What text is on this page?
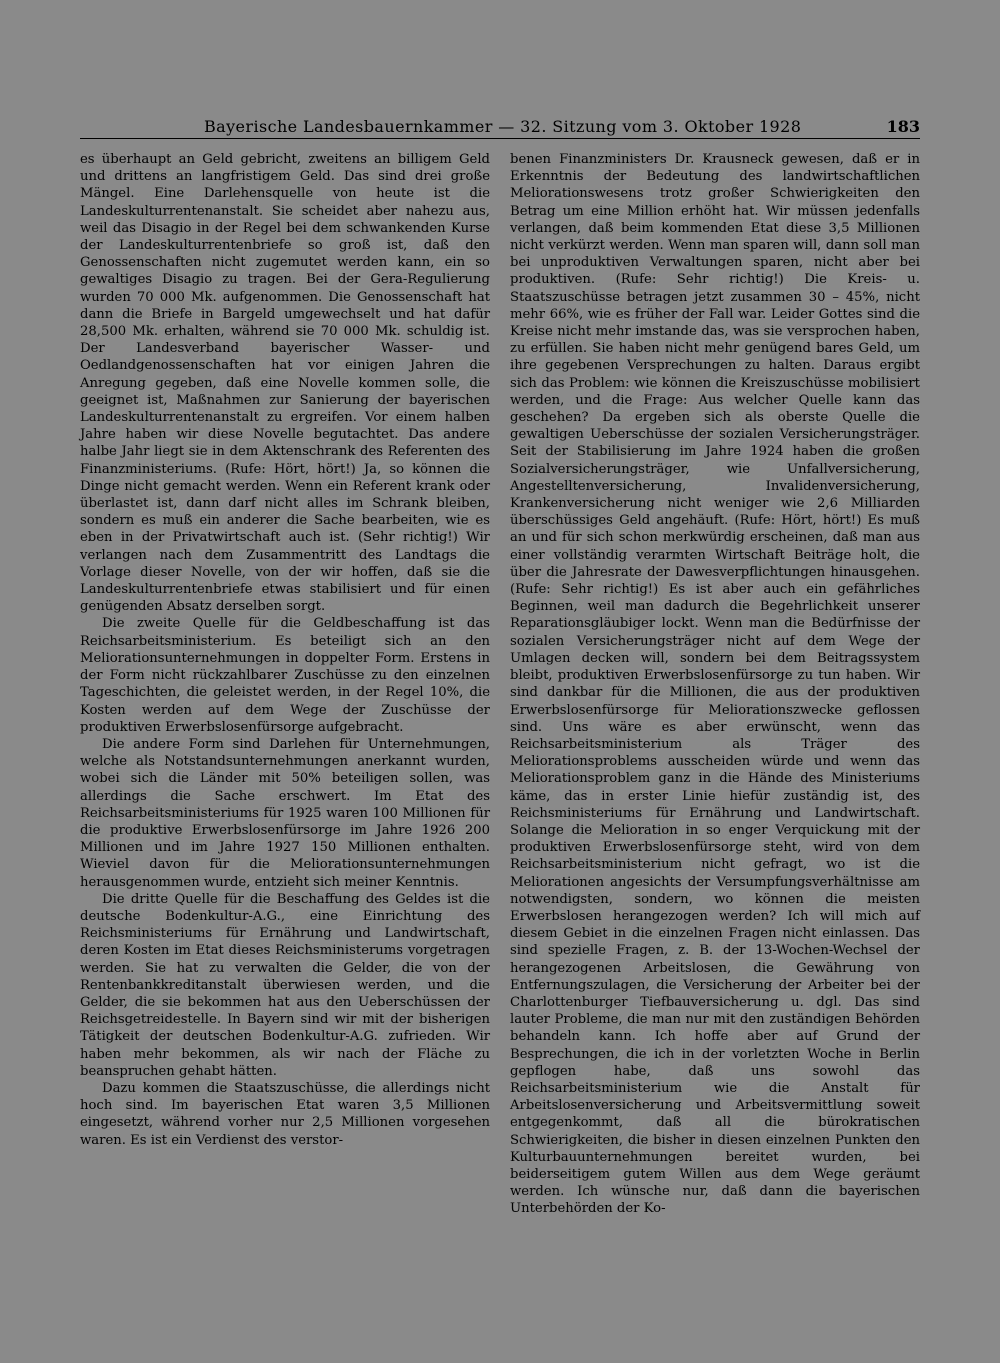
Bayerische Landesbauernkammer — 32. Sitzung vom 3. Oktober 1928	183

es überhaupt an Geld gebricht, zweitens an billigem Geld und drittens an langfristigem Geld. Das sind drei große Mängel. Eine Darlehensquelle von heute ist die Landeskulturrentenanstalt. Sie scheidet aber nahezu aus, weil das Disagio in der Regel bei dem schwankenden Kurse der Landeskulturrentenbriefe so groß ist, daß den Genossenschaften nicht zugemutet werden kann, ein so gewaltiges Disagio zu tragen. Bei der Gera-Regulierung wurden 70 000 Mk. aufgenommen. Die Genossenschaft hat dann die Briefe in Bargeld umgewechselt und hat dafür 28,500 Mk. erhalten, während sie 70 000 Mk. schuldig ist. Der Landesverband bayerischer Wasser- und Oedlandgenossenschaften hat vor einigen Jahren die Anregung gegeben, daß eine Novelle kommen solle, die geeignet ist, Maßnahmen zur Sanierung der bayerischen Landeskulturrentenanstalt zu ergreifen. Vor einem halben Jahre haben wir diese Novelle begutachtet. Das andere halbe Jahr liegt sie in dem Aktenschrank des Referenten des Finanzministeriums. (Rufe: Hört, hört!) Ja, so können die Dinge nicht gemacht werden. Wenn ein Referent krank oder überlastet ist, dann darf nicht alles im Schrank bleiben, sondern es muß ein anderer die Sache bearbeiten, wie es eben in der Privatwirtschaft auch ist. (Sehr richtig!) Wir verlangen nach dem Zusammentritt des Landtags die Vorlage dieser Novelle, von der wir hoffen, daß sie die Landeskulturrentenbriefe etwas stabilisiert und für einen genügenden Absatz derselben sorgt.

Die zweite Quelle für die Geldbeschaffung ist das Reichsarbeitsministerium. Es beteiligt sich an den Meliorationsunternehmungen in doppelter Form. Erstens in der Form nicht rückzahlbarer Zuschüsse zu den einzelnen Tageschichten, die geleistet werden, in der Regel 10%, die Kosten werden auf dem Wege der Zuschüsse der produktiven Erwerbslosenfürsorge aufgebracht.

Die andere Form sind Darlehen für Unternehmungen, welche als Notstandsunternehmungen anerkannt wurden, wobei sich die Länder mit 50% beteiligen sollen, was allerdings die Sache erschwert. Im Etat des Reichsarbeitsministeriums für 1925 waren 100 Millionen für die produktive Erwerbslosenfürsorge im Jahre 1926 200 Millionen und im Jahre 1927 150 Millionen enthalten. Wieviel davon für die Meliorationsunternehmungen herausgenommen wurde, entzieht sich meiner Kenntnis.

Die dritte Quelle für die Beschaffung des Geldes ist die deutsche Bodenkultur-A.G., eine Einrichtung des Reichsministeriums für Ernährung und Landwirtschaft, deren Kosten im Etat dieses Reichsministerums vorgetragen werden. Sie hat zu verwalten die Gelder, die von der Rentenbankkreditanstalt überwiesen werden, und die Gelder, die sie bekommen hat aus den Ueberschüssen der Reichsgetreidestelle. In Bayern sind wir mit der bisherigen Tätigkeit der deutschen Bodenkultur-A.G. zufrieden. Wir haben mehr bekommen, als wir nach der Fläche zu beanspruchen gehabt hätten.

Dazu kommen die Staatszuschüsse, die allerdings nicht hoch sind. Im bayerischen Etat waren 3,5 Millionen eingesetzt, während vorher nur 2,5 Millionen vorgesehen waren. Es ist ein Verdienst des verstor-

benen Finanzministers Dr. Krausneck gewesen, daß er in Erkenntnis der Bedeutung des landwirtschaftlichen Meliorationswesens trotz großer Schwierigkeiten den Betrag um eine Million erhöht hat. Wir müssen jedenfalls verlangen, daß beim kommenden Etat diese 3,5 Millionen nicht verkürzt werden. Wenn man sparen will, dann soll man bei unproduktiven Verwaltungen sparen, nicht aber bei produktiven. (Rufe: Sehr richtig!) Die Kreis- u. Staatszuschüsse betragen jetzt zusammen 30 – 45%, nicht mehr 66%, wie es früher der Fall war. Leider Gottes sind die Kreise nicht mehr imstande das, was sie versprochen haben, zu erfüllen. Sie haben nicht mehr genügend bares Geld, um ihre gegebenen Versprechungen zu halten. Daraus ergibt sich das Problem: wie können die Kreiszuschüsse mobilisiert werden, und die Frage: Aus welcher Quelle kann das geschehen? Da ergeben sich als oberste Quelle die gewaltigen Ueberschüsse der sozialen Versicherungsträger. Seit der Stabilisierung im Jahre 1924 haben die großen Sozialversicherungsträger, wie Unfallversicherung, Angestelltenversicherung, Invalidenversicherung, Krankenversicherung nicht weniger wie 2,6 Milliarden überschüssiges Geld angehäuft. (Rufe: Hört, hört!) Es muß an und für sich schon merkwürdig erscheinen, daß man aus einer vollständig verarmten Wirtschaft Beiträge holt, die über die Jahresrate der Dawesverpflichtungen hinausgehen. (Rufe: Sehr richtig!) Es ist aber auch ein gefährliches Beginnen, weil man dadurch die Begehrlichkeit unserer Reparationsgläubiger lockt. Wenn man die Bedürfnisse der sozialen Versicherungsträger nicht auf dem Wege der Umlagen decken will, sondern bei dem Beitragssystem bleibt, produktiven Erwerbslosenfürsorge zu tun haben. Wir sind dankbar für die Millionen, die aus der produktiven Erwerbslosenfürsorge für Meliorationszwecke geflossen sind. Uns wäre es aber erwünscht, wenn das Reichsarbeitsministerium als Träger des Meliorationsproblems ausscheiden würde und wenn das Meliorationsproblem ganz in die Hände des Ministeriums käme, das in erster Linie hiefür zuständig ist, des Reichsministeriums für Ernährung und Landwirtschaft. Solange die Melioration in so enger Verquickung mit der produktiven Erwerbslosenfürsorge steht, wird von dem Reichsarbeitsministerium nicht gefragt, wo ist die Meliorationen angesichts der Versumpfungsverhältnisse am notwendigsten, sondern, wo können die meisten Erwerbslosen herangezogen werden? Ich will mich auf diesem Gebiet in die einzelnen Fragen nicht einlassen. Das sind spezielle Fragen, z. B. der 13-Wochen-Wechsel der herangezogenen Arbeitslosen, die Gewährung von Entfernungszulagen, die Versicherung der Arbeiter bei der Charlottenburger Tiefbauversicherung u. dgl. Das sind lauter Probleme, die man nur mit den zuständigen Behörden behandeln kann. Ich hoffe aber auf Grund der Besprechungen, die ich in der vorletzten Woche in Berlin gepflogen habe, daß uns sowohl das Reichsarbeitsministerium wie die Anstalt für Arbeitslosenversicherung und Arbeitsvermittlung soweit entgegenkommt, daß all die bürokratischen Schwierigkeiten, die bisher in diesen einzelnen Punkten den Kulturbauunternehmungen bereitet wurden, bei beiderseitigem gutem Willen aus dem Wege geräumt werden. Ich wünsche nur, daß dann die bayerischen Unterbehörden der Ko-
